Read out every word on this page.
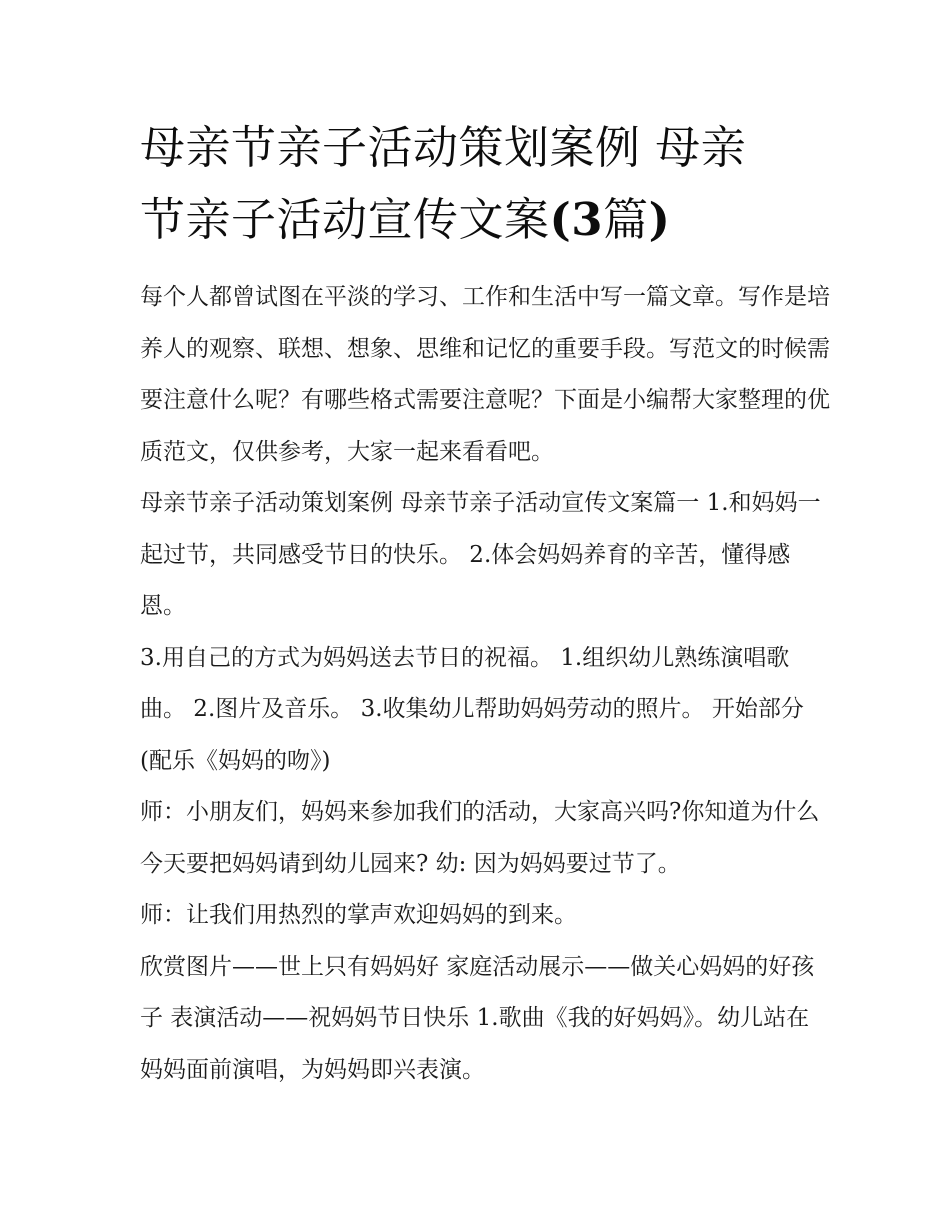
母亲节亲子活动策划案例 母亲
节亲子活动宣传文案(3篇)

每个人都曾试图在平淡的学习、工作和生活中写一篇文章。写作是培养人的观察、联想、想象、思维和记忆的重要手段。写范文的时候需要注意什么呢？有哪些格式需要注意呢？下面是小编帮大家整理的优质范文，仅供参考，大家一起来看看吧。

母亲节亲子活动策划案例 母亲节亲子活动宣传文案篇一 1.和妈妈一起过节，共同感受节日的快乐。 2.体会妈妈养育的辛苦，懂得感恩。

3.用自己的方式为妈妈送去节日的祝福。 1.组织幼儿熟练演唱歌曲。 2.图片及音乐。 3.收集幼儿帮助妈妈劳动的照片。 开始部分(配乐《妈妈的吻》)

师：小朋友们，妈妈来参加我们的活动，大家高兴吗?你知道为什么今天要把妈妈请到幼儿园来? 幼: 因为妈妈要过节了。

师：让我们用热烈的掌声欢迎妈妈的到来。

欣赏图片——世上只有妈妈好 家庭活动展示——做关心妈妈的好孩子 表演活动——祝妈妈节日快乐 1.歌曲《我的好妈妈》。幼儿站在妈妈面前演唱，为妈妈即兴表演。
